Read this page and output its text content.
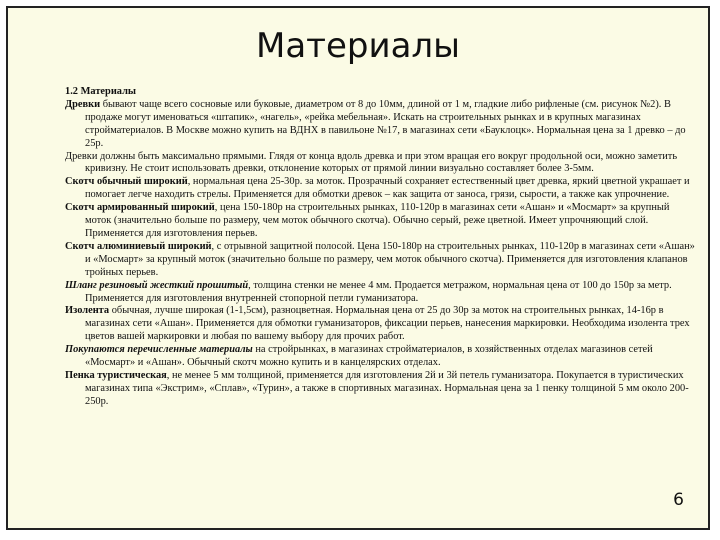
Материалы

1.2 Материалы

Древки бывают чаще всего сосновые или буковые, диаметром от 8 до 10мм, длиной от 1 м, гладкие либо рифленые (см. рисунок №2). В продаже могут именоваться «штапик», «нагель», «рейка мебельная». Искать на строительных рынках и в крупных магазинах стройматериалов. В Москве можно купить на ВДНХ в павильоне №17, в магазинах сети «Бауклоцк». Нормальная цена за 1 древко – до 25р.

Древки должны быть максимально прямыми. Глядя от конца вдоль древка и при этом вращая его вокруг продольной оси, можно заметить кривизну. Не стоит использовать древки, отклонение которых от прямой линии визуально составляет более 3-5мм.

Скотч обычный широкий, нормальная цена 25-30р. за моток. Прозрачный сохраняет естественный цвет древка, яркий цветной украшает и помогает легче находить стрелы. Применяется для обмотки древок – как защита от заноса, грязи, сырости, а также как упрочнение.

Скотч армированный широкий, цена 150-180р на строительных рынках, 110-120р в магазинах сети «Ашан» и «Мосмарт» за крупный моток (значительно больше по размеру, чем моток обычного скотча). Обычно серый, реже цветной. Имеет упрочняющий слой. Применяется для изготовления перьев.

Скотч алюминиевый широкий, с отрывной защитной полосой. Цена 150-180р на строительных рынках, 110-120р в магазинах сети «Ашан» и «Мосмарт» за крупный моток (значительно больше по размеру, чем моток обычного скотча). Применяется для изготовления клапанов тройных перьев.

Шланг резиновый жесткий прошитый, толщина стенки не менее 4 мм. Продается метражом, нормальная цена от 100 до 150р за метр. Применяется для изготовления внутренней стопорной петли гуманизатора.

Изолента обычная, лучше широкая (1-1,5см), разноцветная. Нормальная цена от 25 до 30р за моток на строительных рынках, 14-16р в магазинах сети «Ашан». Применяется для обмотки гуманизаторов, фиксации перьев, нанесения маркировки. Необходима изолента трех цветов вашей маркировки и любая по вашему выбору для прочих работ.

Покупаются перечисленные материалы на стройрынках, в магазинах стройматериалов, в хозяйственных отделах магазинов сетей «Мосмарт» и «Ашан». Обычный скотч можно купить и в канцелярских отделах.

Пенка туристическая, не менее 5 мм толщиной, применяется для изготовления 2й и 3й петель гуманизатора. Покупается в туристических магазинах типа «Экстрим», «Сплав», «Турин», а также в спортивных магазинах. Нормальная цена за 1 пенку толщиной 5 мм около 200-250р.

6
